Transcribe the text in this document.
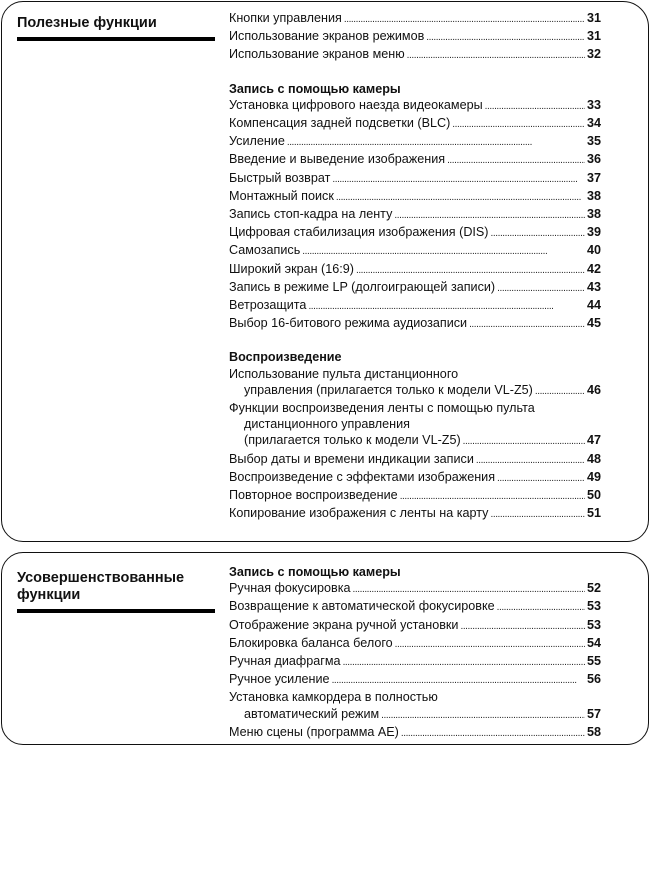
Полезные функции	Кнопки управления . . .	31
Использование экранов режимов . . .	31
Использование экранов меню . . .	32
Запись с помощью камеры
Установка цифрового наезда видеокамеры . . .	33
Компенсация задней подсветки (BLC) . . .	34
Усиление . . .	35
Введение и выведение изображения . . .	36
Быстрый возврат . . .	37
Монтажный поиск . . .	38
Запись стоп-кадра на ленту . . .	38
Цифровая стабилизация изображения (DIS) . . .	39
Самозапись . . .	40
Широкий экран (16:9) . . .	42
Запись в режиме LP (долгоиграющей записи) . . .	43
Ветрозащита . . .	44
Выбор 16-битового режима аудиозаписи . . .	45
Воспроизведение
Использование пульта дистанционного
управления (прилагается только к модели VL-Z5) . . .	46
Функции воспроизведения ленты с помощью пульта
дистанционного управления
(прилагается только к модели VL-Z5) . . .	47
Выбор даты и времени индикации записи . . .	48
Воспроизведение с эффектами изображения . . .	49
Повторное воспроизведение . . .	50
Копирование изображения с ленты на карту . . .	51
Усовершенствованные
функции
Запись с помощью камеры
Ручная фокусировка . . .	52
Возвращение к автоматической фокусировке . . .	53
Отображение экрана ручной установки . . .	53
Блокировка баланса белого . . .	54
Ручная диафрагма . . .	55
Ручное усиление . . .	56
Установка камкордера в полностью
автоматический режим . . .	57
Меню сцены (программа AE) . . .	58
